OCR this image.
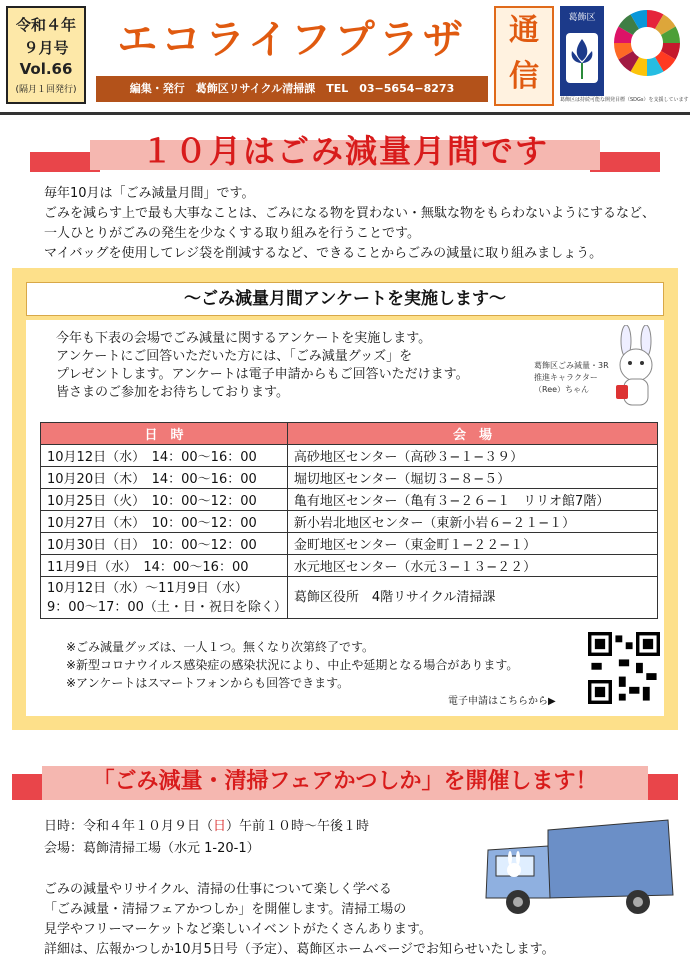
令和４年
９月号
Vol.66
(隔月１回発行)
エコライフプラザ
編集・発行　葛飾区リサイクル清掃課　TEL　03−5654−8273
通
信
葛飾区
葛飾区は持続可能な開発目標（SDGs）を支援しています
１０月はごみ減量月間です
毎年10月は「ごみ減量月間」です。
ごみを減らす上で最も大事なことは、ごみになる物を買わない・無駄な物をもらわないようにするなど、
一人ひとりがごみの発生を少なくする取り組みを行うことです。
マイバッグを使用してレジ袋を削減するなど、できることからごみの減量に取り組みましょう。
〜ごみ減量月間アンケートを実施します〜
今年も下表の会場でごみ減量に関するアンケートを実施します。
アンケートにご回答いただいた方には、「ごみ減量グッズ」を
プレゼントします。アンケートは電子申請からもご回答いただけます。
皆さまのご参加をお待ちしております。
葛飾区ごみ減量・3R推進キャラクター（Ree）ちゃん
日　時	会　場
10月12日（水）　14：00〜16：00	高砂地区センター（高砂３−１−３９）
10月20日（木）　14：00〜16：00	堀切地区センター（堀切３−８−５）
10月25日（火）　10：00〜12：00	亀有地区センター（亀有３−２６−１　リリオ館7階）
10月27日（木）　10：00〜12：00	新小岩北地区センター（東新小岩６−２１−１）
10月30日（日）　10：00〜12：00	金町地区センター（東金町１−２２−１）
11月9日（水）　14：00〜16：00	水元地区センター（水元３−１３−２２）

10月12日（水）〜11月9日（水）
9：00〜17：00（土・日・祝日を除く）	葛飾区役所　4階リサイクル清掃課
※ごみ減量グッズは、一人１つ。無くなり次第終了です。
※新型コロナウイルス感染症の感染状況により、中止や延期となる場合があります。
※アンケートはスマートフォンからも回答できます。
電子申請はこちらから▶
「ごみ減量・清掃フェアかつしか」を開催します！
日時：令和４年１０月９日（日）午前１０時〜午後１時
会場：葛飾清掃工場（水元 1-20-1）
ごみの減量やリサイクル、清掃の仕事について楽しく学べる
「ごみ減量・清掃フェアかつしか」を開催します。清掃工場の
見学やフリーマーケットなど楽しいイベントがたくさんあります。
詳細は、広報かつしか10月5日号（予定）、葛飾区ホームページでお知らせいたします。
